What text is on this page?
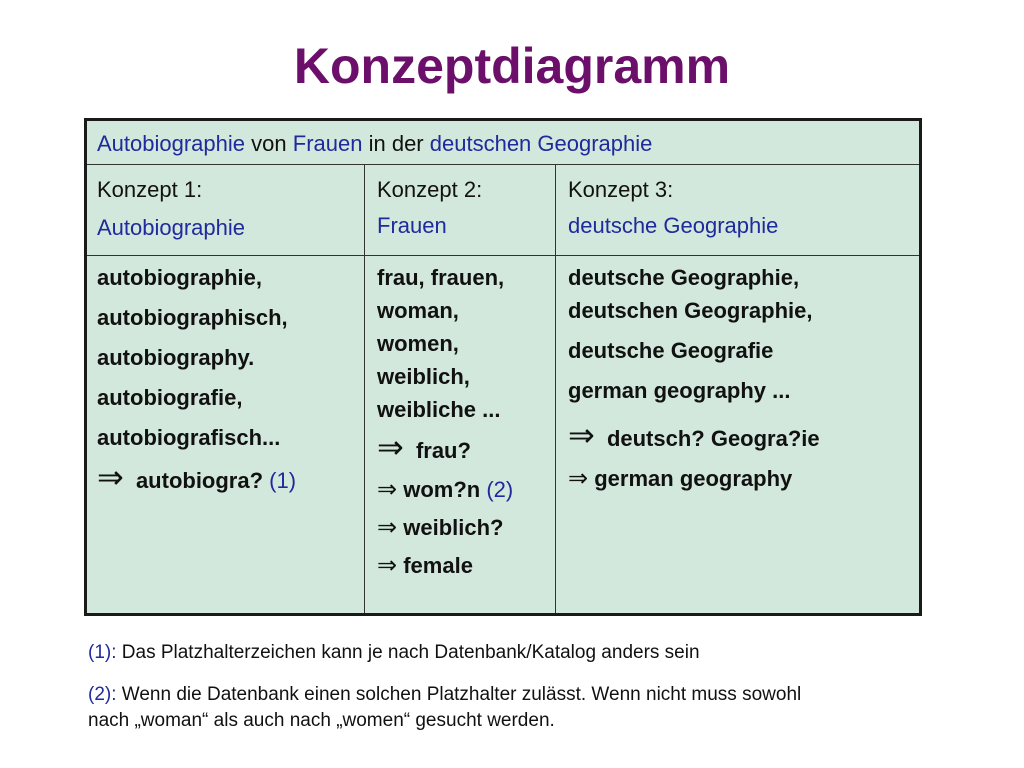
Konzeptdiagramm
Autobiographie von Frauen in der deutschen Geographie
Konzept 1:
Autobiographie
Konzept 2:
Frauen
Konzept 3:
deutsche Geographie
autobiographie,
autobiographisch,
autobiography.
autobiografie,
autobiografisch...
⇒ autobiogra? (1)
frau, frauen,
woman,
women,
weiblich,
weibliche ...
⇒ frau?
⇒ wom?n (2)
⇒ weiblich?
⇒ female
deutsche Geographie,
deutschen Geographie,
deutsche Geografie
german geography ...
⇒ deutsch? Geogra?ie
⇒ german geography
(1): Das Platzhalterzeichen kann je nach Datenbank/Katalog anders sein
(2): Wenn die Datenbank einen solchen Platzhalter zulässt. Wenn nicht muss sowohl
nach „woman“ als auch nach „women“ gesucht werden.
